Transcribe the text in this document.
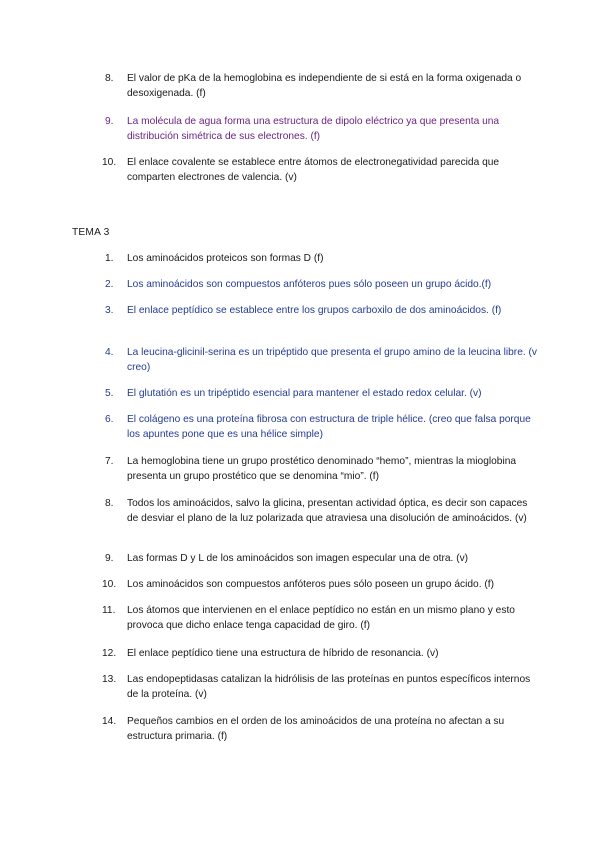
8.	El valor de pKa de la hemoglobina es independiente de si está en la forma oxigenada o desoxigenada. (f)
9.	La molécula de agua forma una estructura de dipolo eléctrico ya que presenta una distribución simétrica de sus electrones. (f)
10.	El enlace covalente se establece entre átomos de electronegatividad parecida que comparten electrones de valencia. (v)
TEMA 3
1.	Los aminoácidos proteicos son formas D (f)
2.	Los aminoácidos son compuestos anfóteros pues sólo poseen un grupo ácido.(f)
3.	El enlace peptídico se establece entre los grupos carboxilo de dos aminoácidos. (f)
4.	La leucina-glicinil-serina es un tripéptido que presenta el grupo amino de la leucina libre. (v creo)
5.	El glutatión es un tripéptido esencial para mantener el estado redox celular. (v)
6.	El colágeno es una proteína fibrosa con estructura de triple hélice. (creo que falsa porque los apuntes pone que es una hélice simple)
7.	La hemoglobina tiene un grupo prostético denominado “hemo”, mientras la mioglobina presenta un grupo prostético que se denomina “mio”. (f)
8.	Todos los aminoácidos, salvo la glicina, presentan actividad óptica, es decir son capaces de desviar el plano de la luz polarizada que atraviesa una disolución de aminoácidos. (v)
9.	Las formas D y L de los aminoácidos son imagen especular una de otra. (v)
10.	Los aminoácidos son compuestos anfóteros pues sólo poseen un grupo ácido. (f)
11.	Los átomos que intervienen en el enlace peptídico no están en un mismo plano y esto provoca que dicho enlace tenga capacidad de giro. (f)
12.	El enlace peptídico tiene una estructura de híbrido de resonancia. (v)
13.	Las endopeptidasas catalizan la hidrólisis de las proteínas en puntos específicos internos de la proteína. (v)
14.	Pequeños cambios en el orden de los aminoácidos de una proteína no afectan a su estructura primaria. (f)
